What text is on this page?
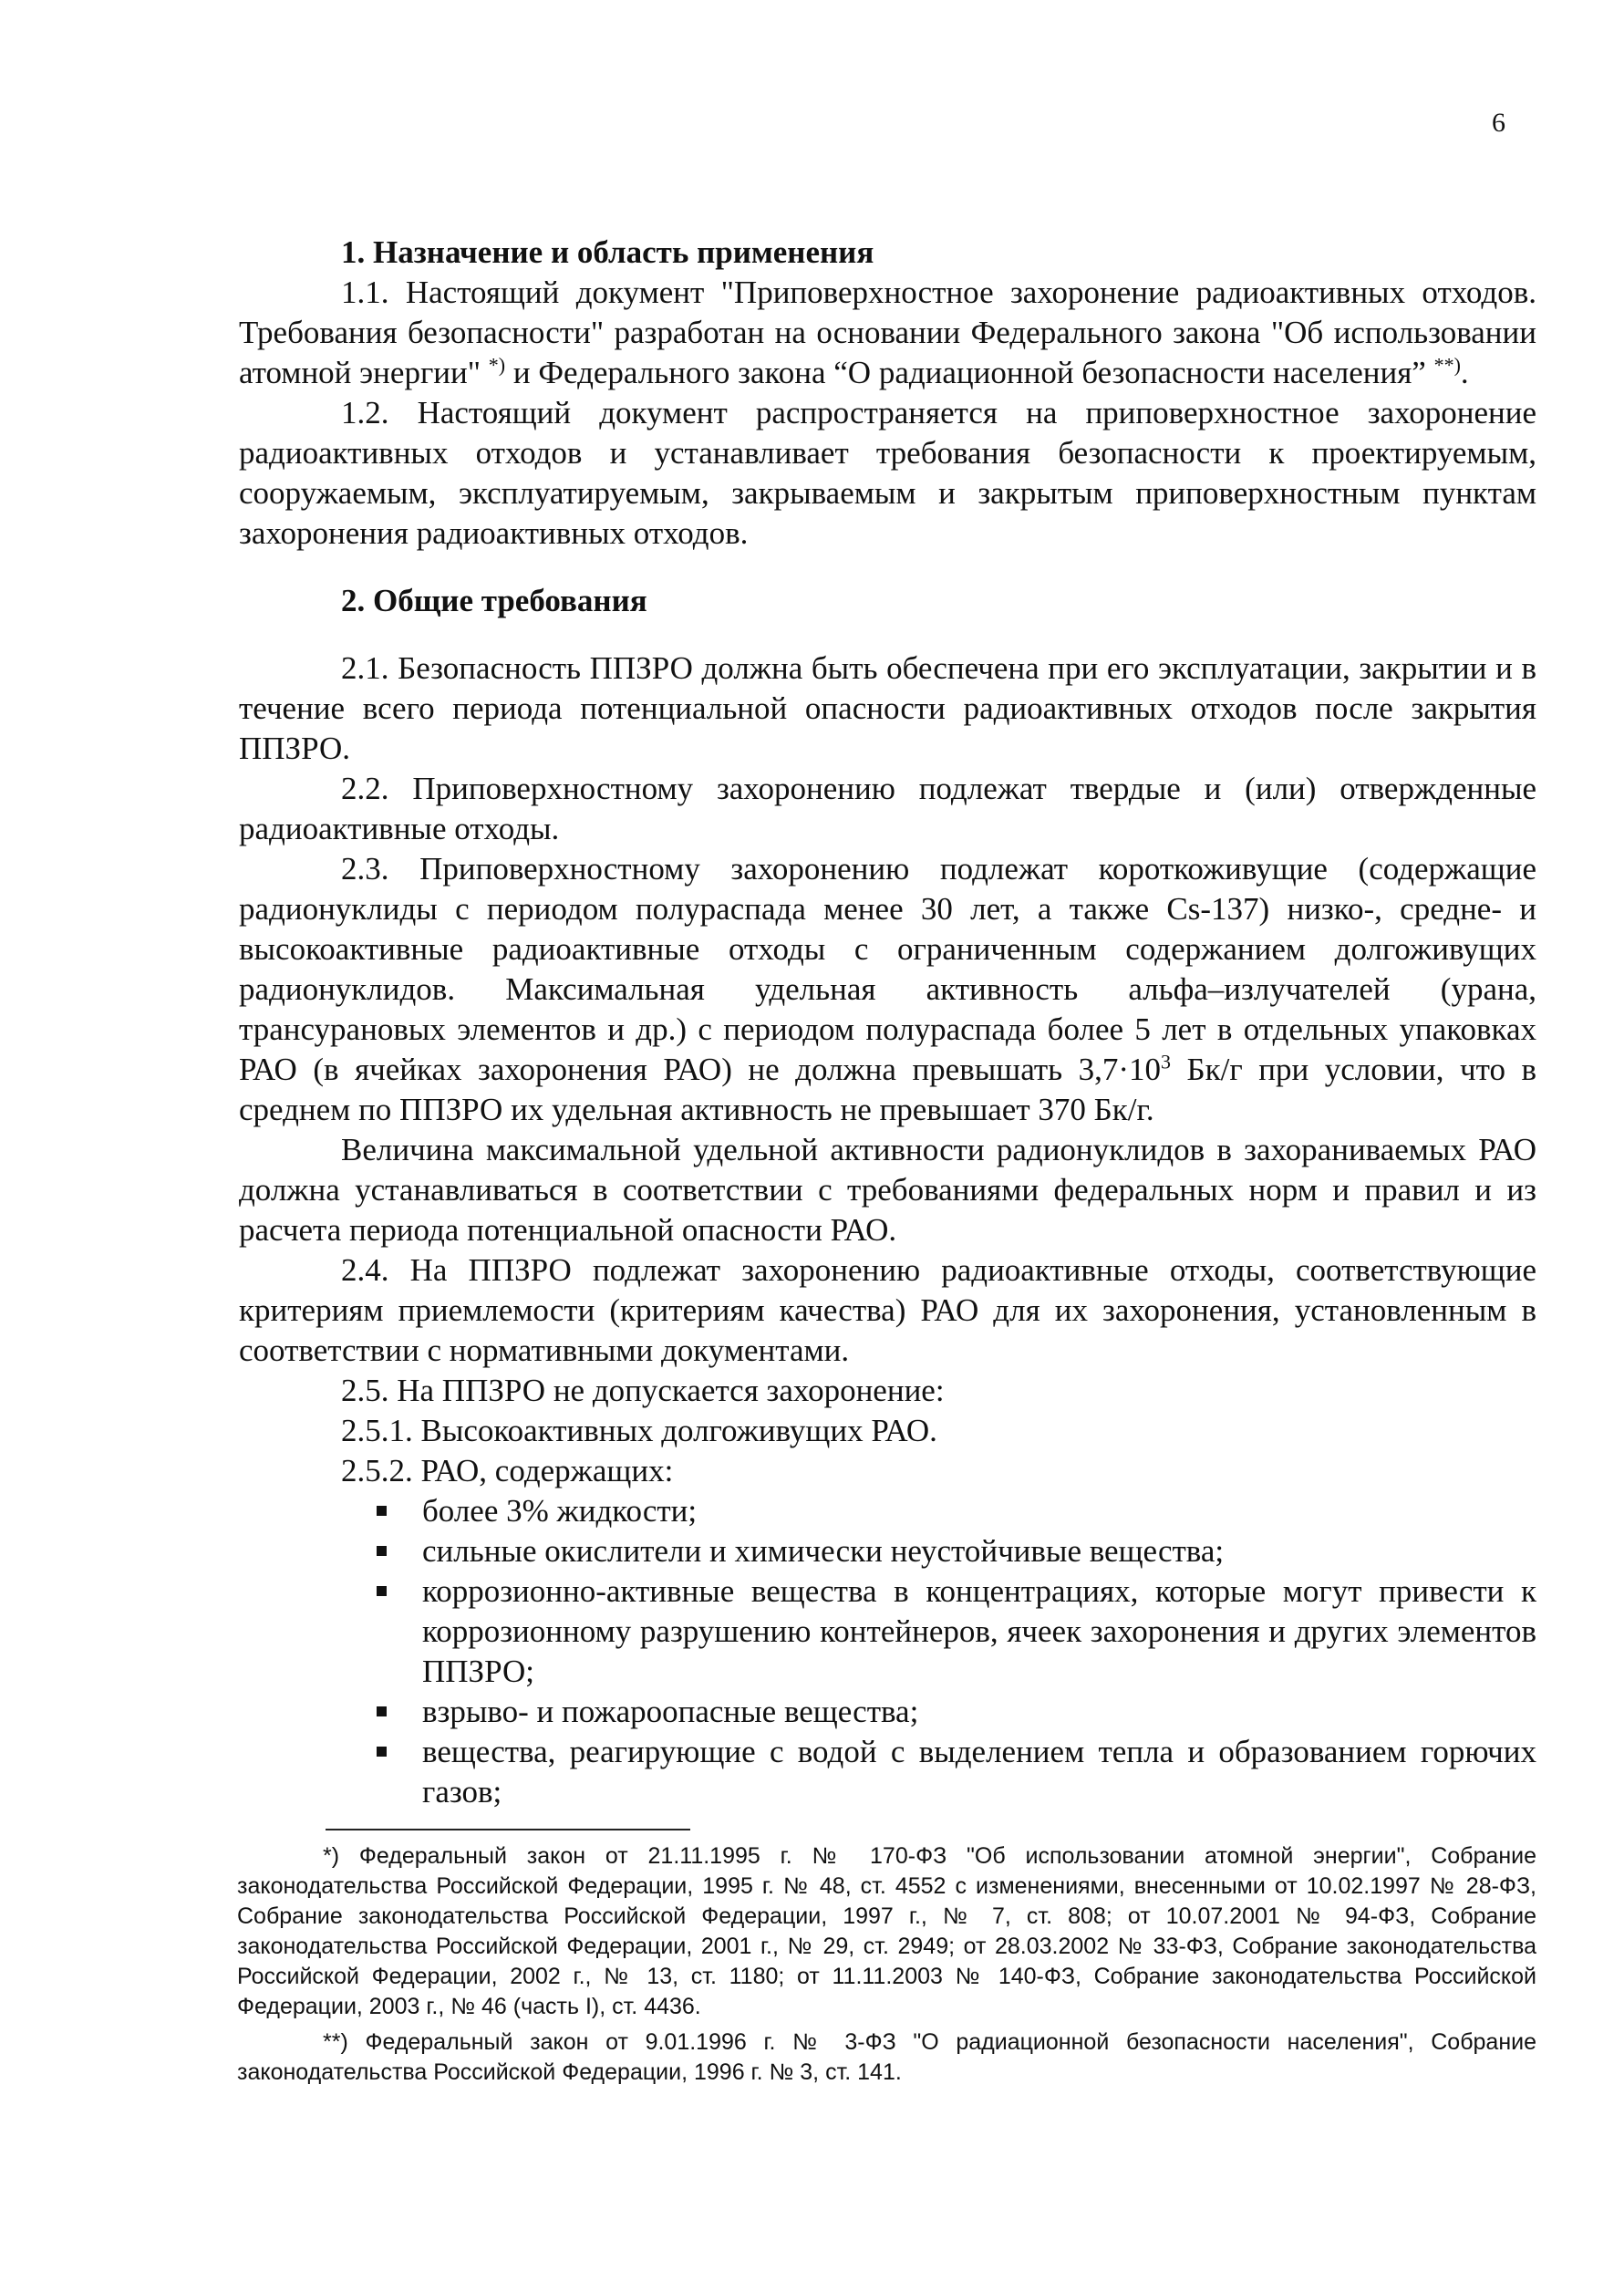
6
1. Назначение и область применения

1.1. Настоящий документ "Приповерхностное захоронение радиоактивных отходов. Требования безопасности" разработан на основании Федерального закона "Об использовании атомной энергии" *) и Федерального закона “О радиационной безопасности населения” **).

1.2. Настоящий документ распространяется на приповерхностное захоронение радиоактивных отходов и устанавливает требования безопасности к проектируемым, сооружаемым, эксплуатируемым, закрываемым и закрытым приповерхностным пунктам захоронения радиоактивных отходов.

2. Общие требования

2.1. Безопасность ППЗРО должна быть обеспечена при его эксплуатации, закрытии и в течение всего периода потенциальной опасности радиоактивных отходов после закрытия ППЗРО.

2.2. Приповерхностному захоронению подлежат твердые и (или) отвержденные радиоактивные отходы.

2.3. Приповерхностному захоронению подлежат короткоживущие (содержащие радионуклиды с периодом полураспада менее 30 лет, а также Cs-137) низко-, средне- и высокоактивные радиоактивные отходы с ограниченным содержанием долгоживущих радионуклидов. Максимальная удельная активность альфа–излучателей (урана, трансурановых элементов и др.) с периодом полураспада более 5 лет в отдельных упаковках РАО (в ячейках захоронения РАО) не должна превышать $3,7\cdot 10^3$ Бк/г при условии, что в среднем по ППЗРО их удельная активность не превышает 370 Бк/г.

Величина максимальной удельной активности радионуклидов в захораниваемых РАО должна устанавливаться в соответствии с требованиями федеральных норм и правил и из расчета периода потенциальной опасности РАО.

2.4. На ППЗРО подлежат захоронению радиоактивные отходы, соответствующие критериям приемлемости (критериям качества) РАО для их захоронения, установленным в соответствии с нормативными документами.

2.5. На ППЗРО не допускается захоронение:

2.5.1. Высокоактивных долгоживущих РАО.

2.5.2. РАО, содержащих:

более 3% жидкости;
сильные окислители и химически неустойчивые вещества;
коррозионно-активные вещества в концентрациях, которые могут привести к коррозионному разрушению контейнеров, ячеек захоронения и других элементов ППЗРО;
взрыво- и пожароопасные вещества;
вещества, реагирующие с водой с выделением тепла и образованием горючих газов;

*) Федеральный закон от 21.11.1995 г. № 170-ФЗ "Об использовании атомной энергии", Собрание законодательства Российской Федерации, 1995 г. № 48, ст. 4552 с изменениями, внесенными от 10.02.1997 № 28-ФЗ, Собрание законодательства Российской Федерации, 1997 г., № 7, ст. 808; от 10.07.2001 № 94-ФЗ, Собрание законодательства Российской Федерации, 2001 г., № 29, ст. 2949; от 28.03.2002 № 33-ФЗ, Собрание законодательства Российской Федерации, 2002 г., № 13, ст. 1180; от 11.11.2003 № 140-ФЗ, Собрание законодательства Российской Федерации, 2003 г., № 46 (часть I), ст. 4436.

**) Федеральный закон от 9.01.1996 г. № 3-ФЗ "О радиационной безопасности населения", Собрание законодательства Российской Федерации, 1996 г. № 3, ст. 141.
